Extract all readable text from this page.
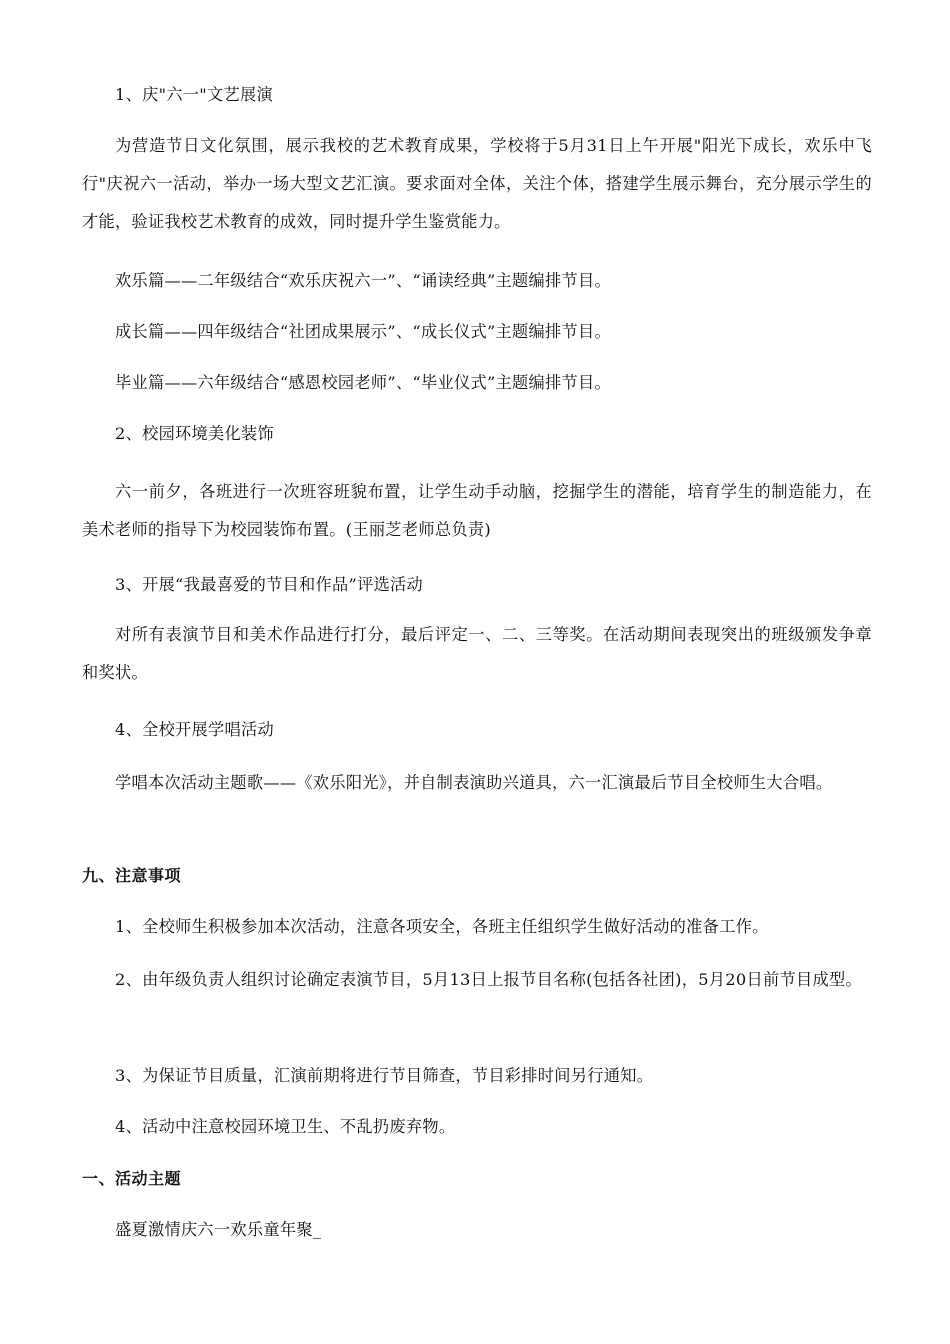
1、庆"六一"文艺展演

为营造节日文化氛围，展示我校的艺术教育成果，学校将于5月31日上午开展"阳光下成长，欢乐中飞行"庆祝六一活动，举办一场大型文艺汇演。要求面对全体，关注个体，搭建学生展示舞台，充分展示学生的才能，验证我校艺术教育的成效，同时提升学生鉴赏能力。

欢乐篇——二年级结合“欢乐庆祝六一”、“诵读经典”主题编排节目。

成长篇——四年级结合“社团成果展示”、“成长仪式”主题编排节目。

毕业篇——六年级结合“感恩校园老师”、“毕业仪式”主题编排节目。

2、校园环境美化装饰

六一前夕，各班进行一次班容班貌布置，让学生动手动脑，挖掘学生的潜能，培育学生的制造能力，在美术老师的指导下为校园装饰布置。(王丽芝老师总负责)

3、开展“我最喜爱的节目和作品”评选活动

对所有表演节目和美术作品进行打分，最后评定一、二、三等奖。在活动期间表现突出的班级颁发争章和奖状。

4、全校开展学唱活动

学唱本次活动主题歌——《欢乐阳光》，并自制表演助兴道具，六一汇演最后节目全校师生大合唱。

九、注意事项

1、全校师生积极参加本次活动，注意各项安全，各班主任组织学生做好活动的准备工作。

2、由年级负责人组织讨论确定表演节目，5月13日上报节目名称(包括各社团)，5月20日前节目成型。

3、为保证节目质量，汇演前期将进行节目筛查，节目彩排时间另行通知。

4、活动中注意校园环境卫生、不乱扔废弃物。

一、活动主题

盛夏激情庆六一欢乐童年聚_
